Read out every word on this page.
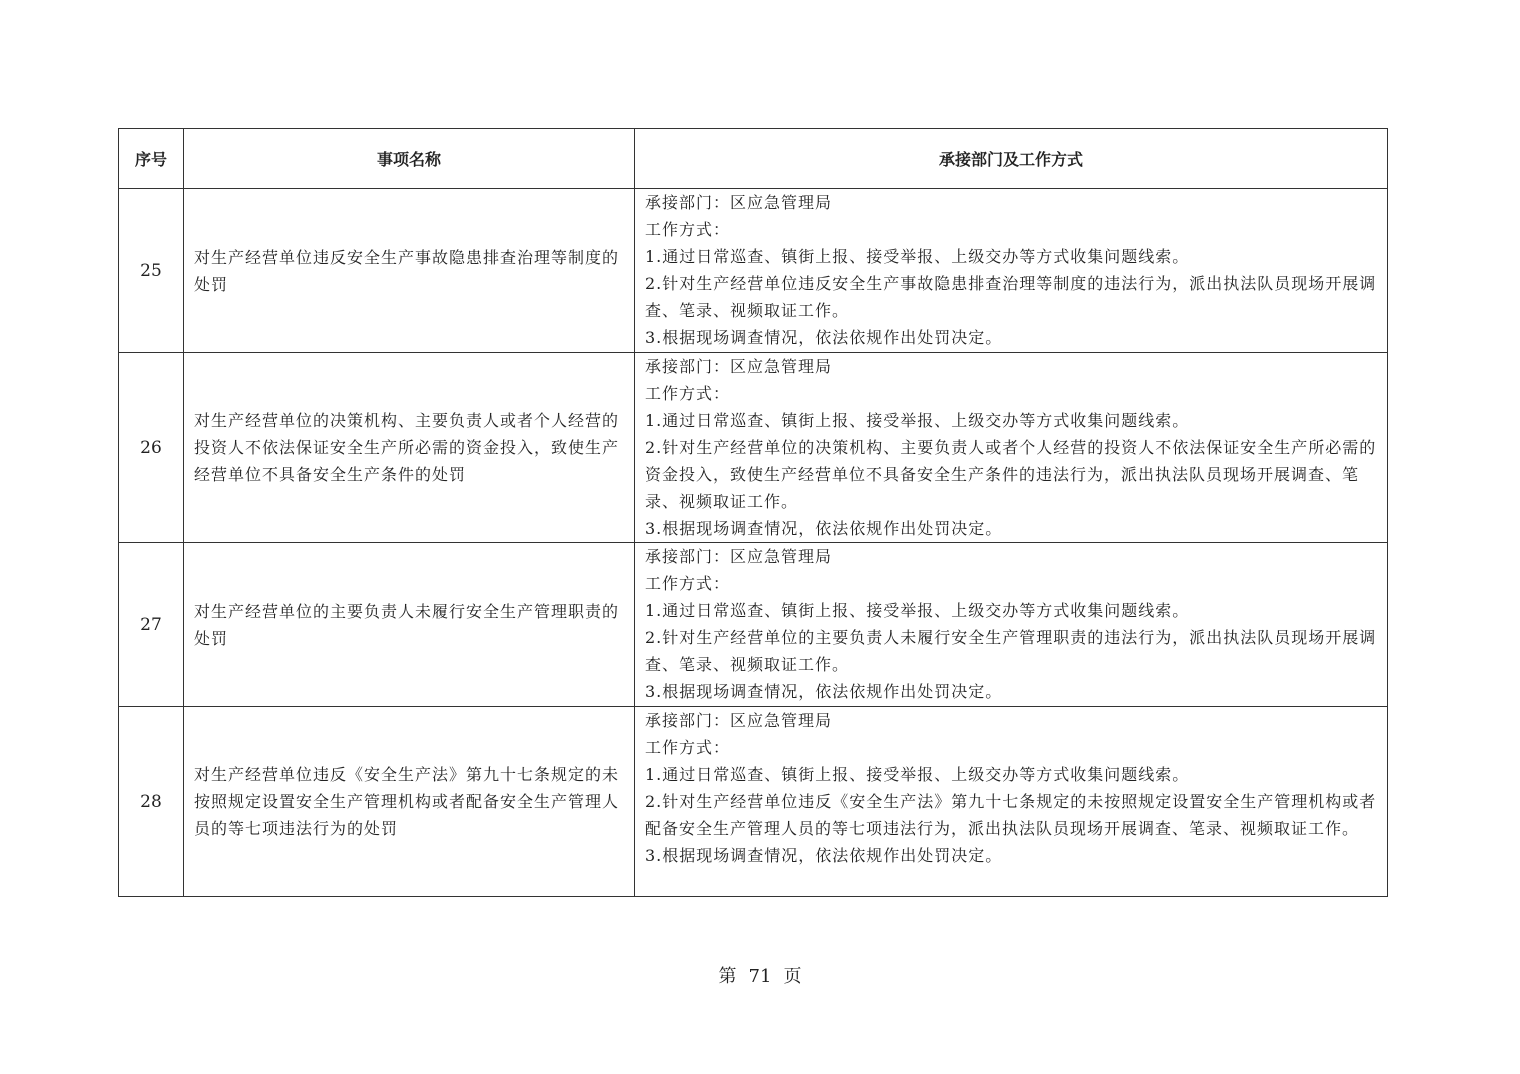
序号	事项名称	承接部门及工作方式
25	对生产经营单位违反安全生产事故隐患排查治理等制度的处罚	承接部门：区应急管理局
工作方式：
1.通过日常巡查、镇街上报、接受举报、上级交办等方式收集问题线索。
2.针对生产经营单位违反安全生产事故隐患排查治理等制度的违法行为，派出执法队员现场开展调查、笔录、视频取证工作。
3.根据现场调查情况，依法依规作出处罚决定。

26	对生产经营单位的决策机构、主要负责人或者个人经营的投资人不依法保证安全生产所必需的资金投入，致使生产经营单位不具备安全生产条件的处罚	承接部门：区应急管理局
工作方式：
1.通过日常巡查、镇街上报、接受举报、上级交办等方式收集问题线索。
2.针对生产经营单位的决策机构、主要负责人或者个人经营的投资人不依法保证安全生产所必需的资金投入，致使生产经营单位不具备安全生产条件的违法行为，派出执法队员现场开展调查、笔录、视频取证工作。
3.根据现场调查情况，依法依规作出处罚决定。

27	对生产经营单位的主要负责人未履行安全生产管理职责的处罚	承接部门：区应急管理局
工作方式：
1.通过日常巡查、镇街上报、接受举报、上级交办等方式收集问题线索。
2.针对生产经营单位的主要负责人未履行安全生产管理职责的违法行为，派出执法队员现场开展调查、笔录、视频取证工作。
3.根据现场调查情况，依法依规作出处罚决定。

28	对生产经营单位违反《安全生产法》第九十七条规定的未按照规定设置安全生产管理机构或者配备安全生产管理人员的等七项违法行为的处罚	承接部门：区应急管理局
工作方式：
1.通过日常巡查、镇街上报、接受举报、上级交办等方式收集问题线索。
2.针对生产经营单位违反《安全生产法》第九十七条规定的未按照规定设置安全生产管理机构或者配备安全生产管理人员的等七项违法行为，派出执法队员现场开展调查、笔录、视频取证工作。
3.根据现场调查情况，依法依规作出处罚决定。
第 71 页
